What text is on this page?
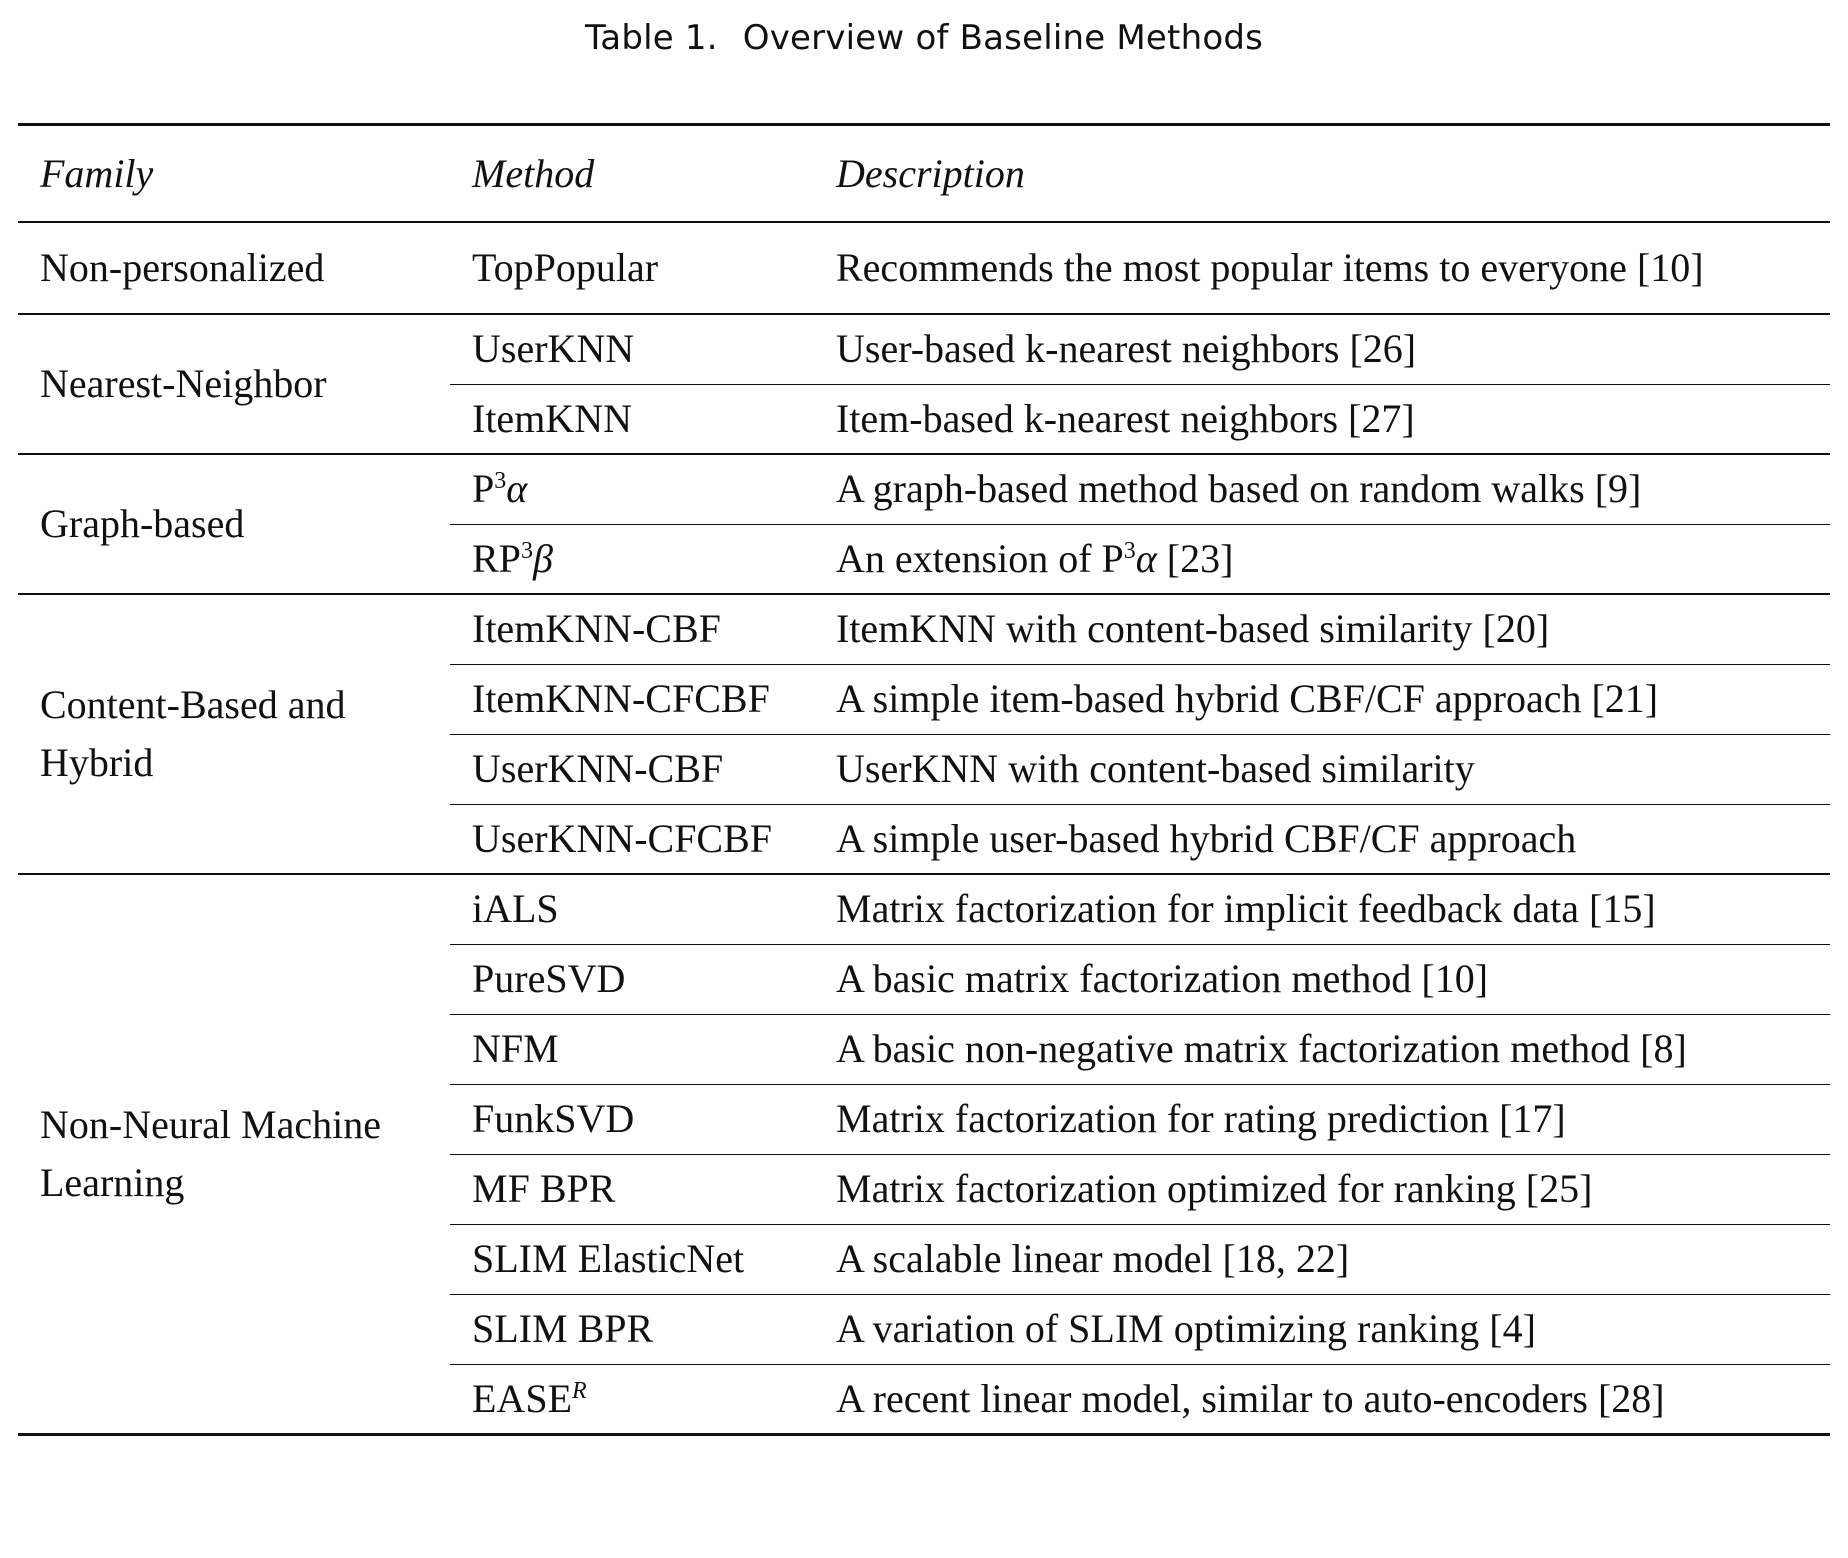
Table 1. Overview of Baseline Methods
Family	Method	Description
Non-personalized	TopPopular	Recommends the most popular items to everyone [10]
Nearest-Neighbor	UserKNN	User-based k-nearest neighbors [26]
	ItemKNN	Item-based k-nearest neighbors [27]
Graph-based	$P^3\alpha$	A graph-based method based on random walks [9]
	$RP^3\beta$	An extension of $P^3\alpha$ [23]
Content-Based and Hybrid	ItemKNN-CBF	ItemKNN with content-based similarity [20]
	ItemKNN-CFCBF	A simple item-based hybrid CBF/CF approach [21]
	UserKNN-CBF	UserKNN with content-based similarity
	UserKNN-CFCBF	A simple user-based hybrid CBF/CF approach
Non-Neural Machine Learning	iALS	Matrix factorization for implicit feedback data [15]
	PureSVD	A basic matrix factorization method [10]
	NFM	A basic non-negative matrix factorization method [8]
	FunkSVD	Matrix factorization for rating prediction [17]
	MF BPR	Matrix factorization optimized for ranking [25]
	SLIM ElasticNet	A scalable linear model [18, 22]
	SLIM BPR	A variation of SLIM optimizing ranking [4]
	$EASE^R$	A recent linear model, similar to auto-encoders [28]
